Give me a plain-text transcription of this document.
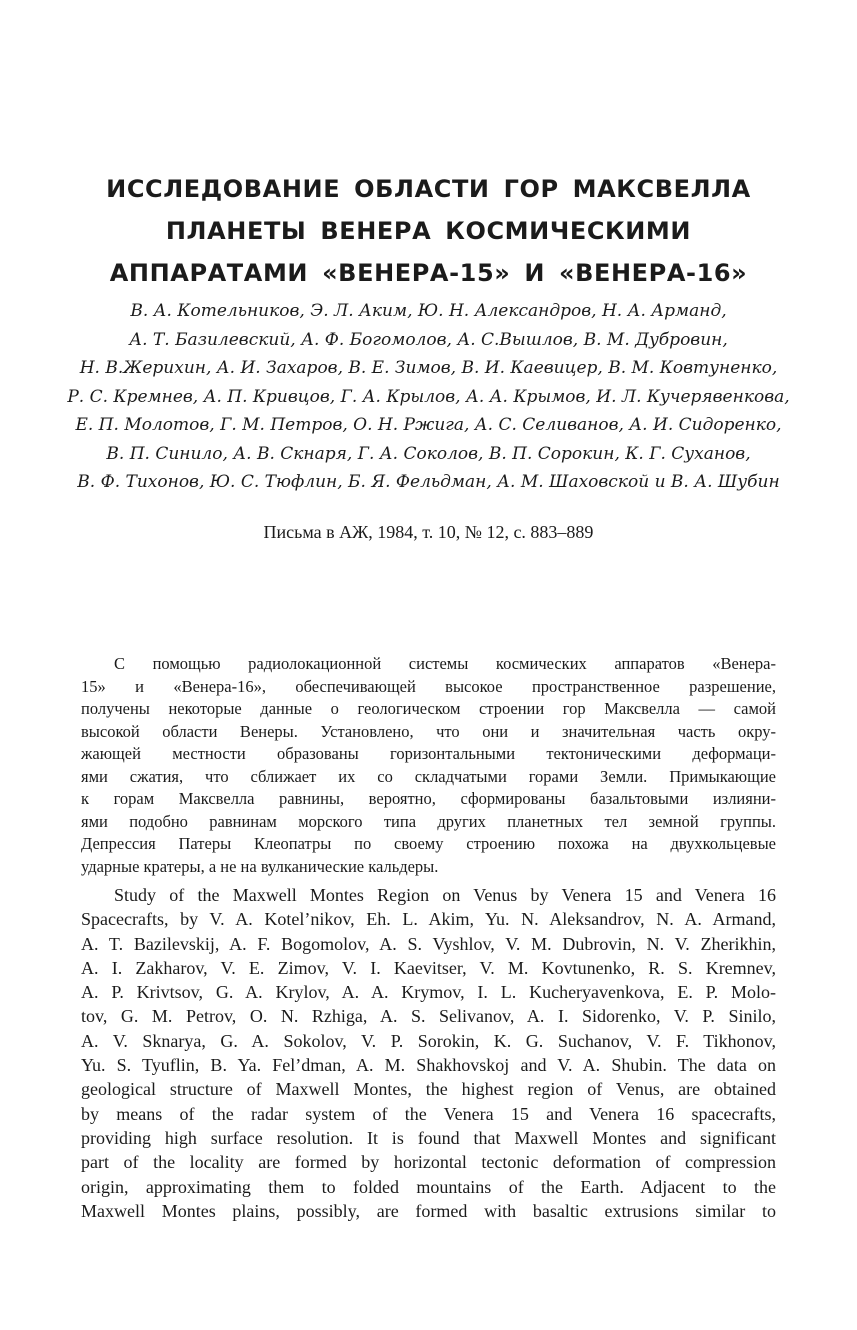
ИССЛЕДОВАНИЕ ОБЛАСТИ ГОР МАКСВЕЛЛА
ПЛАНЕТЫ ВЕНЕРА КОСМИЧЕСКИМИ
АППАРАТАМИ «ВЕНЕРА-15» И «ВЕНЕРА-16»
В. А. Котельников, Э. Л. Аким, Ю. Н. Александров, Н. А. Арманд,
А. Т. Базилевский, А. Ф. Богомолов, А. С.Вышлов, В. М. Дубровин,
Н. В.Жерихин, А. И. Захаров, В. Е. Зимов, В. И. Каевицер, В. М. Ковтуненко,
Р. С. Кремнев, А. П. Кривцов, Г. А. Крылов, А. А. Крымов, И. Л. Кучерявенкова,
Е. П. Молотов, Г. М. Петров, О. Н. Ржига, А. С. Селиванов, А. И. Сидоренко,
В. П. Синило, А. В. Скнаря, Г. А. Соколов, В. П. Сорокин, К. Г. Суханов,
В. Ф. Тихонов, Ю. С. Тюфлин, Б. Я. Фельдман, А. М. Шаховской и В. А. Шубин
Письма в АЖ, 1984, т. 10, № 12, с. 883–889
С помощью радиолокационной системы космических аппаратов «Венера-
15» и «Венера-16», обеспечивающей высокое пространственное разрешение,
получены некоторые данные о геологическом строении гор Максвелла — самой
высокой области Венеры. Установлено, что они и значительная часть окру-
жающей местности образованы горизонтальными тектоническими деформаци-
ями сжатия, что сближает их со складчатыми горами Земли. Примыкающие
к горам Максвелла равнины, вероятно, сформированы базальтовыми излияни-
ями подобно равнинам морского типа других планетных тел земной группы.
Депрессия Патеры Клеопатры по своему строению похожа на двухкольцевые
ударные кратеры, а не на вулканические кальдеры.
Study of the Maxwell Montes Region on Venus by Venera 15 and Venera 16
Spacecrafts, by V. A. Kotel’nikov, Eh. L. Akim, Yu. N. Aleksandrov, N. A. Armand,
A. T. Bazilevskij, A. F. Bogomolov, A. S. Vyshlov, V. M. Dubrovin, N. V. Zherikhin,
A. I. Zakharov, V. E. Zimov, V. I. Kaevitser, V. M. Kovtunenko, R. S. Kremnev,
A. P. Krivtsov, G. A. Krylov, A. A. Krymov, I. L. Kucheryavenkova, E. P. Molo-
tov, G. M. Petrov, O. N. Rzhiga, A. S. Selivanov, A. I. Sidorenko, V. P. Sinilo,
A. V. Sknarya, G. A. Sokolov, V. P. Sorokin, K. G. Suchanov, V. F. Tikhonov,
Yu. S. Tyuflin, B. Ya. Fel’dman, A. M. Shakhovskoj and V. A. Shubin. The data on
geological structure of Maxwell Montes, the highest region of Venus, are obtained
by means of the radar system of the Venera 15 and Venera 16 spacecrafts,
providing high surface resolution. It is found that Maxwell Montes and significant
part of the locality are formed by horizontal tectonic deformation of compression
origin, approximating them to folded mountains of the Earth. Adjacent to the
Maxwell Montes plains, possibly, are formed with basaltic extrusions similar to
